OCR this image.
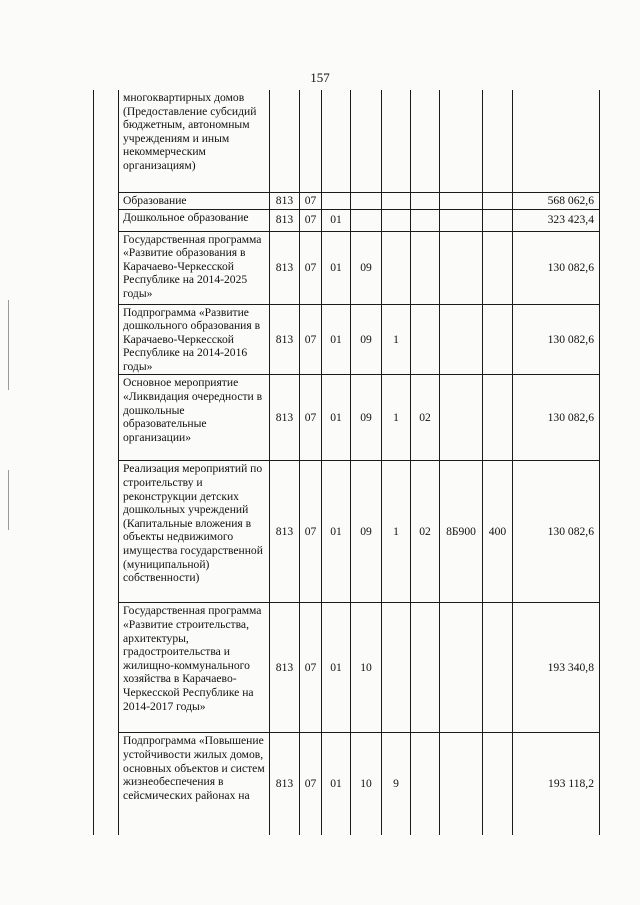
157
	многоквартирных домов (Предоставление субсидий бюджетным, автономным учреждениям и иным некоммерческим организациям)									
	Образование	813	07							568 062,6
	Дошкольное образование	813	07	01						323 423,4
	Государственная программа «Развитие образования в Карачаево-Черкесской Республике на 2014-2025 годы»	813	07	01	09					130 082,6
	Подпрограмма «Развитие дошкольного образования в Карачаево-Черкесской Республике на 2014-2016 годы»	813	07	01	09	1				130 082,6
	Основное мероприятие «Ликвидация очередности в дошкольные образовательные организации»	813	07	01	09	1	02			130 082,6
	Реализация мероприятий по строительству и реконструкции детских дошкольных учреждений (Капитальные вложения в объекты недвижимого имущества государственной (муниципальной) собственности)	813	07	01	09	1	02	8Б900	400	130 082,6
	Государственная программа «Развитие строительства, архитектуры, градостроительства и жилищно-коммунального хозяйства в Карачаево-Черкесской Республике на 2014-2017 годы»	813	07	01	10					193 340,8
	Подпрограмма «Повышение устойчивости жилых домов, основных объектов и систем жизнеобеспечения в сейсмических районах на	813	07	01	10	9				193 118,2
